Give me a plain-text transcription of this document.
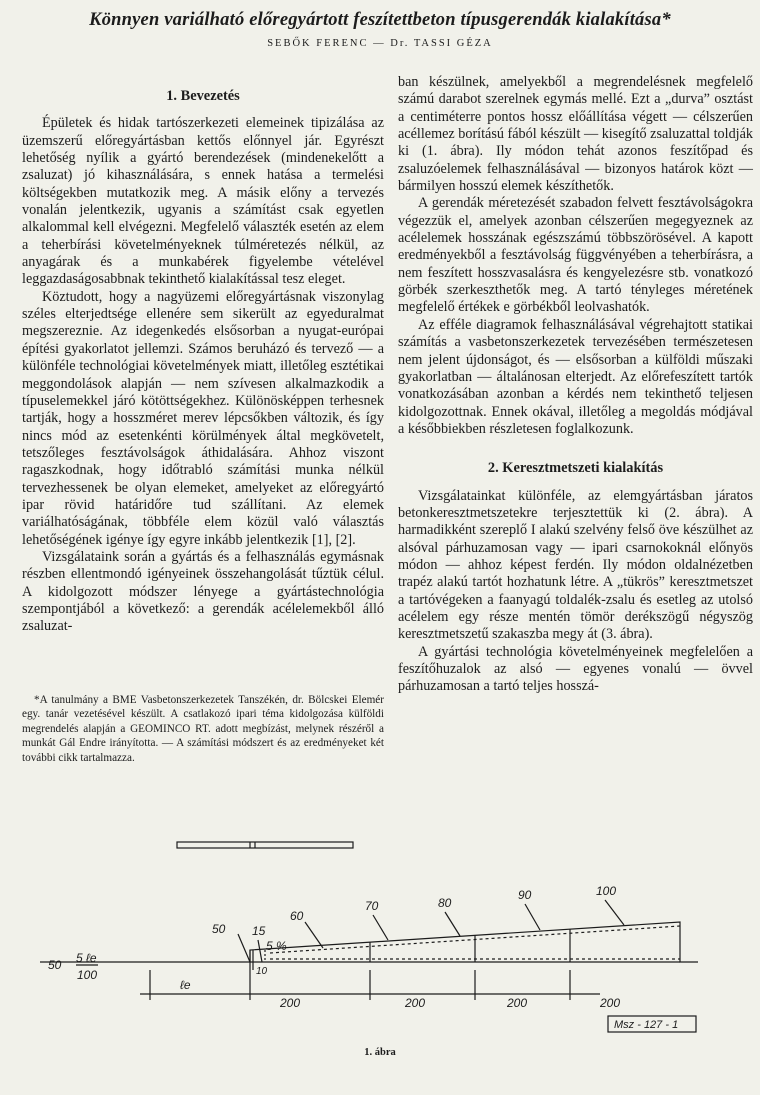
Könnyen variálható előregyártott feszítettbeton típusgerendák kialakítása*
SEBŐK FERENC — Dr. TASSI GÉZA
1. Bevezetés

Épületek és hidak tartószerkezeti elemeinek tipizálása az üzemszerű előregyártásban kettős előnnyel jár. Egyrészt lehetőség nyílik a gyártó berendezések (mindenekelőtt a zsaluzat) jó kihasználására, s ennek hatása a termelési költségekben mutatkozik meg. A másik előny a tervezés vonalán jelentkezik, ugyanis a számítást csak egyetlen alkalommal kell elvégezni. Megfelelő választék esetén az elem a teherbírási követelményeknek túlméretezés nélkül, az anyagárak és a munkabérek figyelembe vételével leggazdaságosabbnak tekinthető kialakítással tesz eleget.

Köztudott, hogy a nagyüzemi előregyártásnak viszonylag széles elterjedtsége ellenére sem sikerült az egyeduralmat megszereznie. Az idegenkedés elsősorban a nyugat-európai építési gyakorlatot jellemzi. Számos beruházó és tervező — a különféle technológiai követelmények miatt, illetőleg esztétikai meggondolások alapján — nem szívesen alkalmazkodik a típuselemekkel járó kötöttségekhez. Különösképpen terhesnek tartják, hogy a hosszméret merev lépcsőkben változik, és így nincs mód az esetenkénti körülmények által megkövetelt, tetszőleges fesztávolságok áthidalására. Ahhoz viszont ragaszkodnak, hogy időtrabló számítási munka nélkül tervezhessenek be olyan elemeket, amelyeket az előregyártó ipar rövid határidőre tud szállítani. Az elemek variálhatóságának, többféle elem közül való választás lehetőségének igénye így egyre inkább jelentkezik [1], [2].

Vizsgálataink során a gyártás és a felhasználás egymásnak részben ellentmondó igényeinek összehangolását tűztük célul. A kidolgozott módszer lényege a gyártástechnológia szempontjából a következő: a gerendák acélelemekből álló zsaluzat-

*A tanulmány a BME Vasbetonszerkezetek Tanszékén, dr. Bölcskei Elemér egy. tanár vezetésével készült. A csatlakozó ipari téma kidolgozása külföldi megrendelés alapján a GEOMINCO RT. adott megbízást, melynek részéről a munkát Gál Endre irányította. — A számítási módszert és az eredményeket két további cikk tartalmazza.

ban készülnek, amelyekből a megrendelésnek megfelelő számú darabot szerelnek egymás mellé. Ezt a „durva” osztást a centiméterre pontos hossz előállítása végett — célszerűen acéllemez borítású fából készült — kisegítő zsaluzattal toldják ki (1. ábra). Ily módon tehát azonos feszítőpad és zsaluzóelemek felhasználásával — bizonyos határok közt — bármilyen hosszú elemek készíthetők.

A gerendák méretezését szabadon felvett fesztávolságokra végezzük el, amelyek azonban célszerűen megegyeznek az acélelemek hosszának egészszámú többszörösével. A kapott eredményekből a fesztávolság függvényében a teherbírásra, a nem feszített hosszvasalásra és kengyelezésre stb. vonatkozó görbék szerkeszthetők meg. A tartó tényleges méretének megfelelő értékek e görbékből leolvashatók.

Az efféle diagramok felhasználásával végrehajtott statikai számítás a vasbetonszerkezetek tervezésében természetesen nem jelent újdonságot, és — elsősorban a külföldi műszaki gyakorlatban — általánosan elterjedt. Az előrefeszített tartók vonatkozásában azonban a kérdés nem tekinthető teljesen kidolgozottnak. Ennek okával, illetőleg a megoldás módjával a későbbiekben részletesen foglalkozunk.

2. Keresztmetszeti kialakítás

Vizsgálatainkat különféle, az elemgyártásban járatos betonkeresztmetszetekre terjesztettük ki (2. ábra). A harmadikként szereplő I alakú szelvény felső öve készülhet az alsóval párhuzamosan vagy — ipari csarnokoknál előnyös módon — ahhoz képest ferdén. Ily módon oldalnézetben trapéz alakú tartót hozhatunk létre. A „tükrös” keresztmetszet a tartóvégeken a faanyagú toldalék-zsalu és esetleg az utolsó acélelem egy része mentén tömör derékszögű négyszög keresztmetszetű szakaszba megy át (3. ábra).

A gyártási technológia követelményeinek megfelelően a feszítőhuzalok az alsó — egyenes vonalú — övvel párhuzamosan a tartó teljes hosszá-

50 5 ℓe
100
50 15
5 %
60
70	80
90	100
10
ℓe
200	200	200	200
Msz - 127 - 1
1. ábra
